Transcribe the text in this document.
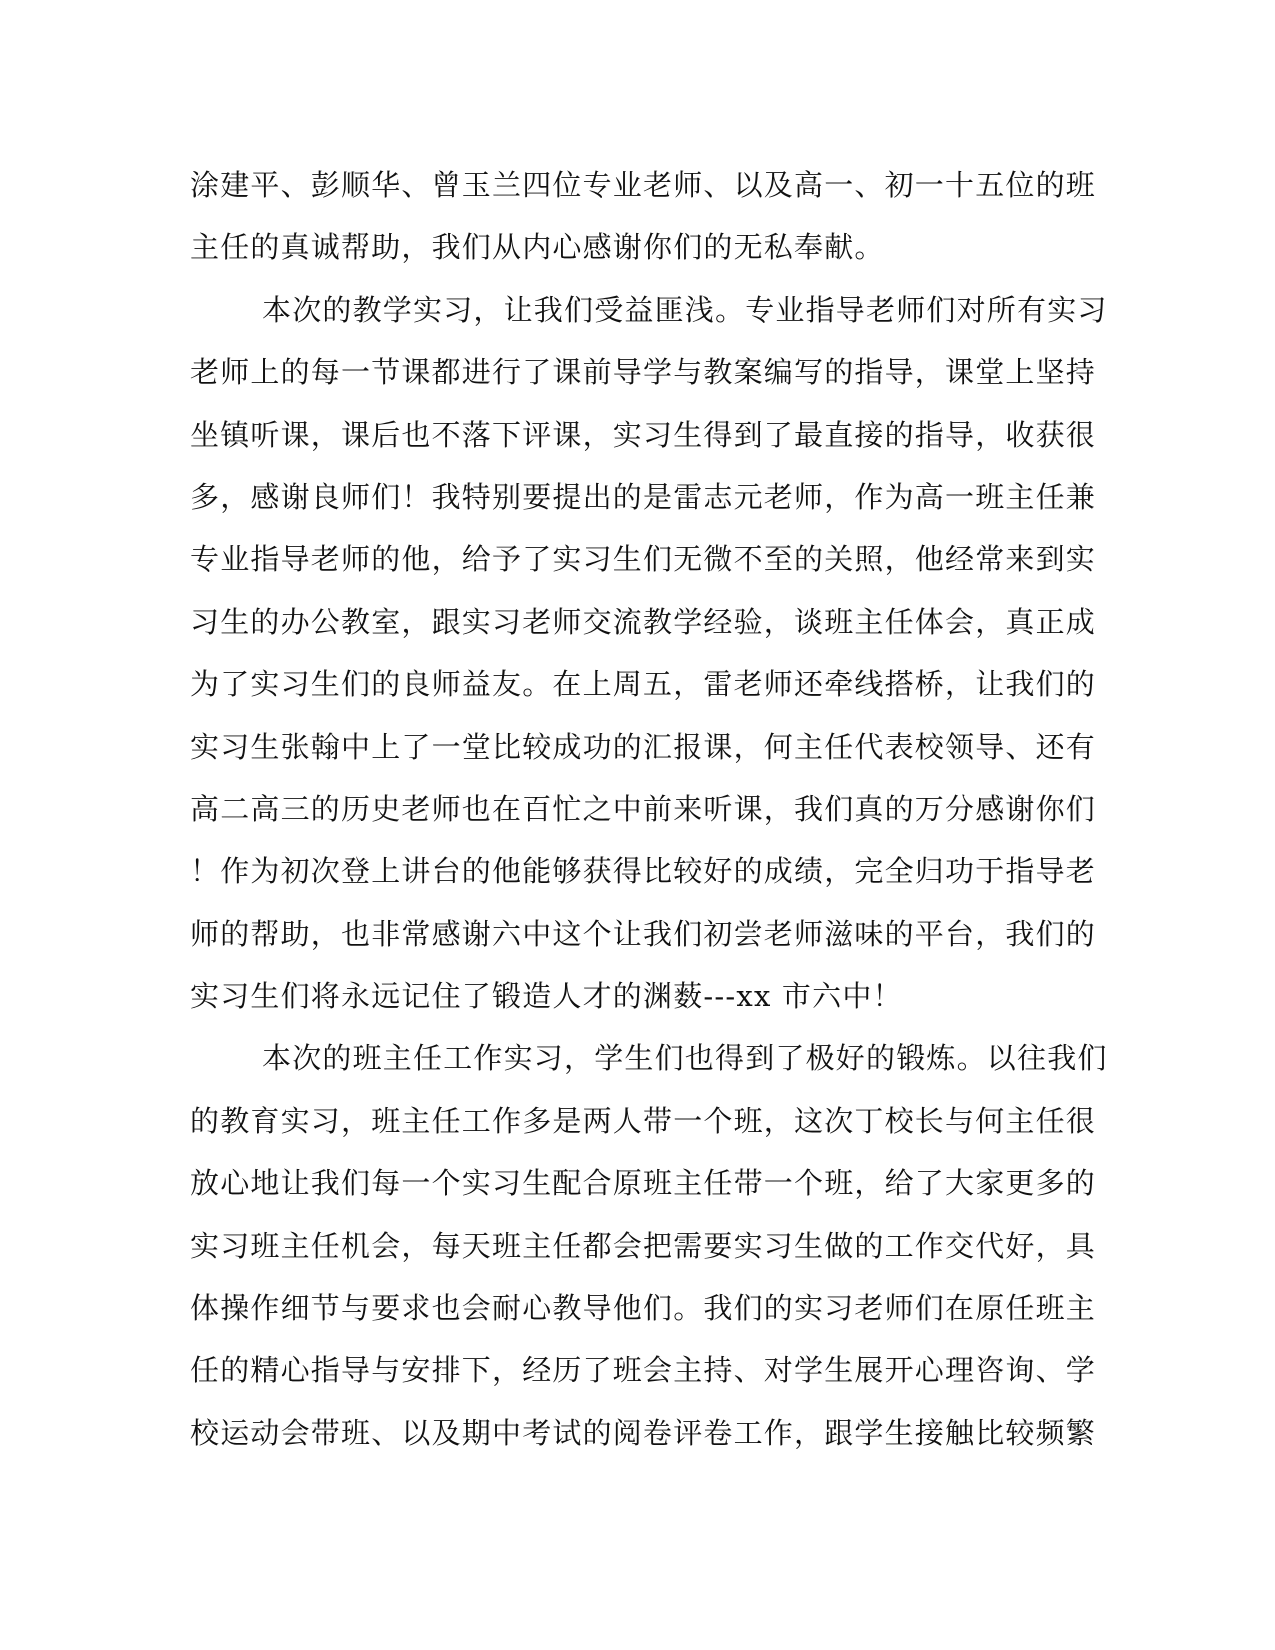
涂建平、彭顺华、曾玉兰四位专业老师、以及高一、初一十五位的班
主任的真诚帮助，我们从内心感谢你们的无私奉献。
本次的教学实习，让我们受益匪浅。专业指导老师们对所有实习
老师上的每一节课都进行了课前导学与教案编写的指导，课堂上坚持
坐镇听课，课后也不落下评课，实习生得到了最直接的指导，收获很
多，感谢良师们！我特别要提出的是雷志元老师，作为高一班主任兼
专业指导老师的他，给予了实习生们无微不至的关照，他经常来到实
习生的办公教室，跟实习老师交流教学经验，谈班主任体会，真正成
为了实习生们的良师益友。在上周五，雷老师还牵线搭桥，让我们的
实习生张翰中上了一堂比较成功的汇报课，何主任代表校领导、还有
高二高三的历史老师也在百忙之中前来听课，我们真的万分感谢你们
！作为初次登上讲台的他能够获得比较好的成绩，完全归功于指导老
师的帮助，也非常感谢六中这个让我们初尝老师滋味的平台，我们的
实习生们将永远记住了锻造人才的渊薮---xx 市六中！
本次的班主任工作实习，学生们也得到了极好的锻炼。以往我们
的教育实习，班主任工作多是两人带一个班，这次丁校长与何主任很
放心地让我们每一个实习生配合原班主任带一个班，给了大家更多的
实习班主任机会，每天班主任都会把需要实习生做的工作交代好，具
体操作细节与要求也会耐心教导他们。我们的实习老师们在原任班主
任的精心指导与安排下，经历了班会主持、对学生展开心理咨询、学
校运动会带班、以及期中考试的阅卷评卷工作，跟学生接触比较频繁
